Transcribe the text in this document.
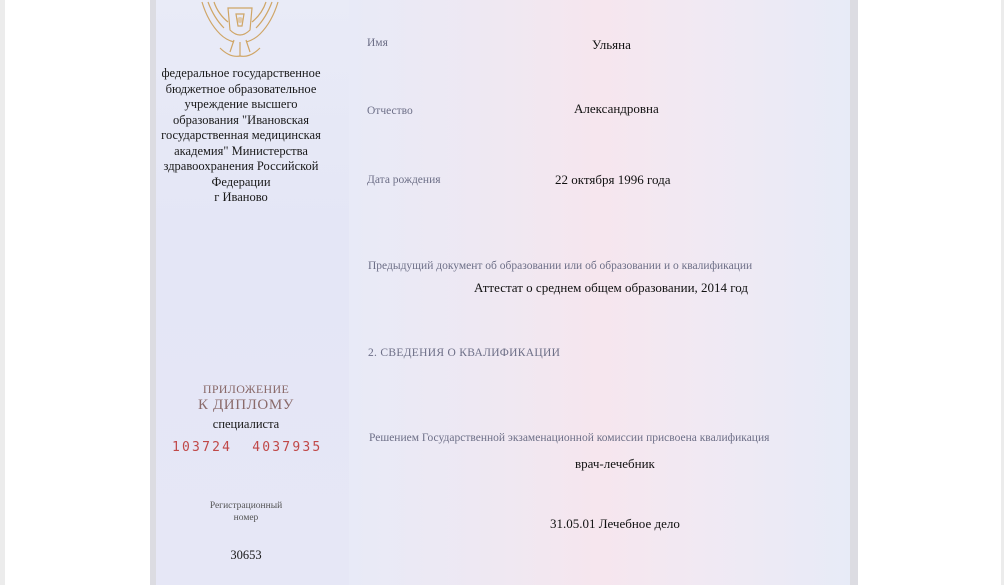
федеральное государственное
бюджетное образовательное
учреждение высшего
образования "Ивановская
государственная медицинская
академия" Министерства
здравоохранения Российской
Федерации
г Иваново
ПРИЛОЖЕНИЕ
К ДИПЛОМУ
специалиста
103724  4037935
Регистрационный
номер
30653
Имя	Ульяна
Отчество	Александровна
Дата рождения	22 октября 1996 года
Предыдущий документ об образовании или об образовании и о квалификации
Аттестат о среднем общем образовании, 2014 год
2. СВЕДЕНИЯ О КВАЛИФИКАЦИИ
Решением Государственной экзаменационной комиссии присвоена квалификация
врач-лечебник
31.05.01 Лечебное дело
